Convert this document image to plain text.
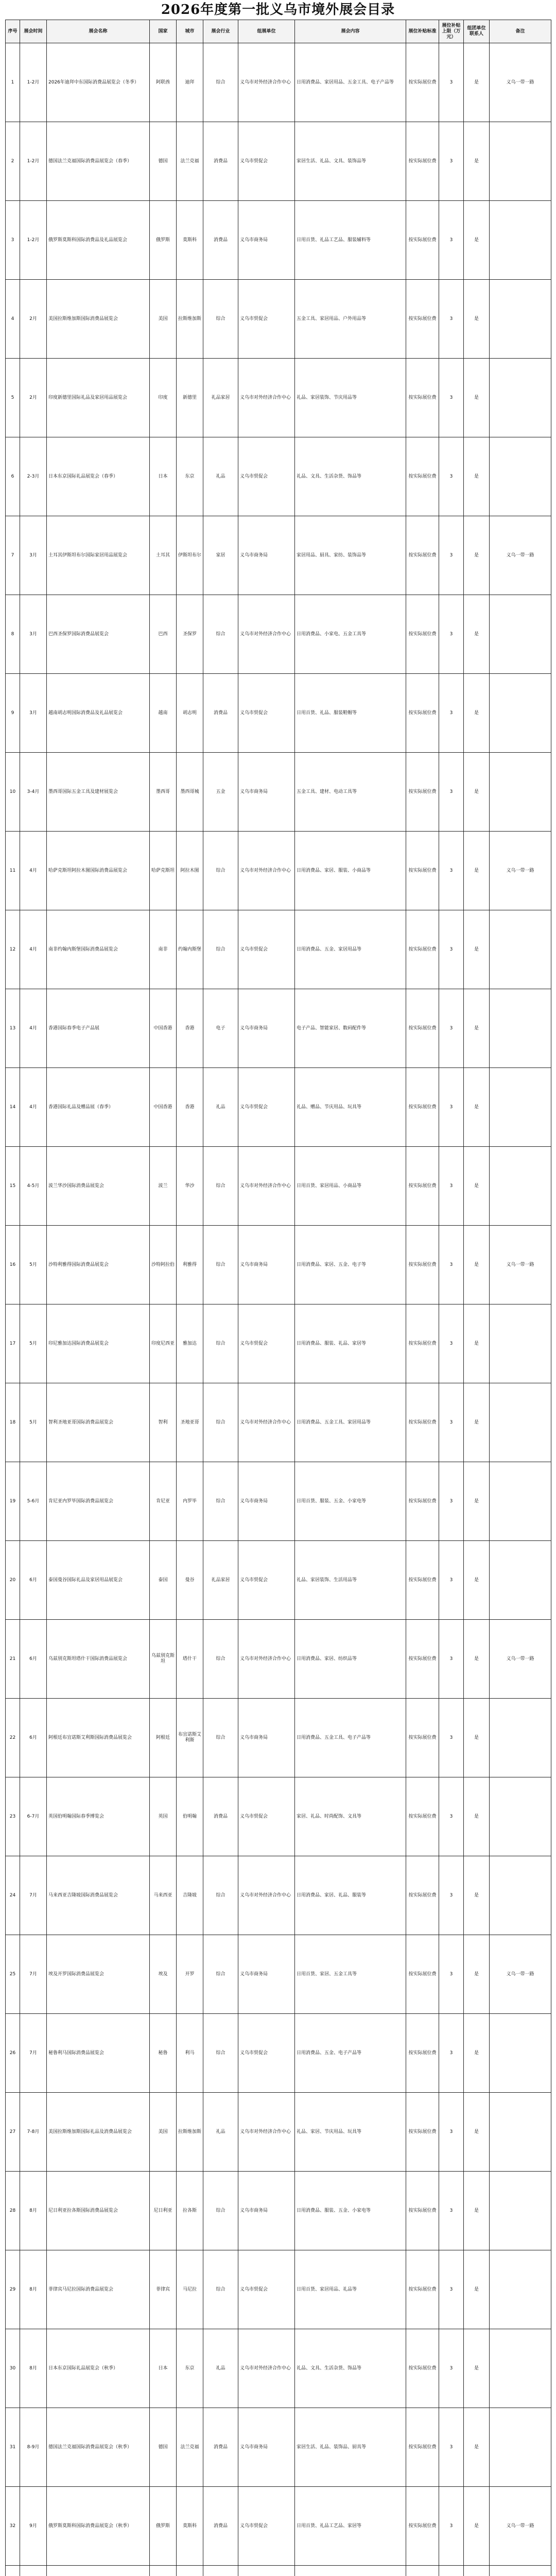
2026年度第一批义乌市境外展会目录
序号	展会时间	展会名称	国家	城市	展会行业	组展单位	展会内容	展位补贴标准	展位补贴上限（万元）	组团单位联系人	备注
1	1-2月	2026年迪拜中东国际消费品展览会（冬季）	阿联酋	迪拜	综合	义乌市对外经济合作中心	日用消费品、家居用品、五金工具、电子产品等	按实际展位费	3	是	义乌一带一路
2	1-2月	德国法兰克福国际消费品展览会（春季）	德国	法兰克福	消费品	义乌市贸促会	家居生活、礼品、文具、装饰品等	按实际展位费	3	是	
3	1-2月	俄罗斯莫斯科国际消费品及礼品展览会	俄罗斯	莫斯科	消费品	义乌市商务局	日用百货、礼品工艺品、服装辅料等	按实际展位费	3	是	
4	2月	美国拉斯维加斯国际消费品展览会	美国	拉斯维加斯	综合	义乌市贸促会	五金工具、家居用品、户外用品等	按实际展位费	3	是	
5	2月	印度新德里国际礼品及家居用品展览会	印度	新德里	礼品家居	义乌市对外经济合作中心	礼品、家居装饰、节庆用品等	按实际展位费	3	是	
6	2-3月	日本东京国际礼品展览会（春季）	日本	东京	礼品	义乌市贸促会	礼品、文具、生活杂货、饰品等	按实际展位费	3	是	
7	3月	土耳其伊斯坦布尔国际家居用品展览会	土耳其	伊斯坦布尔	家居	义乌市商务局	家居用品、厨具、家纺、装饰品等	按实际展位费	3	是	义乌一带一路
8	3月	巴西圣保罗国际消费品展览会	巴西	圣保罗	综合	义乌市对外经济合作中心	日用消费品、小家电、五金工具等	按实际展位费	3	是	
9	3月	越南胡志明国际消费品及礼品展览会	越南	胡志明	消费品	义乌市贸促会	日用百货、礼品、服装鞋帽等	按实际展位费	3	是	
10	3-4月	墨西哥国际五金工具及建材展览会	墨西哥	墨西哥城	五金	义乌市商务局	五金工具、建材、电动工具等	按实际展位费	3	是	
11	4月	哈萨克斯坦阿拉木图国际消费品展览会	哈萨克斯坦	阿拉木图	综合	义乌市对外经济合作中心	日用消费品、家居、服装、小商品等	按实际展位费	3	是	义乌一带一路
12	4月	南非约翰内斯堡国际消费品展览会	南非	约翰内斯堡	综合	义乌市贸促会	日用消费品、五金、家居用品等	按实际展位费	3	是	
13	4月	香港国际春季电子产品展	中国香港	香港	电子	义乌市商务局	电子产品、智能家居、数码配件等	按实际展位费	3	是	
14	4月	香港国际礼品及赠品展（春季）	中国香港	香港	礼品	义乌市贸促会	礼品、赠品、节庆用品、玩具等	按实际展位费	3	是	
15	4-5月	波兰华沙国际消费品展览会	波兰	华沙	综合	义乌市对外经济合作中心	日用百货、家居用品、小商品等	按实际展位费	3	是	
16	5月	沙特利雅得国际消费品展览会	沙特阿拉伯	利雅得	综合	义乌市商务局	日用消费品、家居、五金、电子等	按实际展位费	3	是	义乌一带一路
17	5月	印尼雅加达国际消费品展览会	印度尼西亚	雅加达	综合	义乌市贸促会	日用消费品、服装、礼品、家居等	按实际展位费	3	是	
18	5月	智利圣地亚哥国际消费品展览会	智利	圣地亚哥	综合	义乌市对外经济合作中心	日用消费品、五金工具、家居用品等	按实际展位费	3	是	
19	5-6月	肯尼亚内罗毕国际消费品展览会	肯尼亚	内罗毕	综合	义乌市商务局	日用百货、服装、五金、小家电等	按实际展位费	3	是	
20	6月	泰国曼谷国际礼品及家居用品展览会	泰国	曼谷	礼品家居	义乌市贸促会	礼品、家居装饰、生活用品等	按实际展位费	3	是	
21	6月	乌兹别克斯坦塔什干国际消费品展览会	乌兹别克斯坦	塔什干	综合	义乌市对外经济合作中心	日用消费品、家居、纺织品等	按实际展位费	3	是	义乌一带一路
22	6月	阿根廷布宜诺斯艾利斯国际消费品展览会	阿根廷	布宜诺斯艾利斯	综合	义乌市商务局	日用消费品、五金工具、电子产品等	按实际展位费	3	是	
23	6-7月	英国伯明翰国际春季博览会	英国	伯明翰	消费品	义乌市贸促会	家居、礼品、时尚配饰、文具等	按实际展位费	3	是	
24	7月	马来西亚吉隆坡国际消费品展览会	马来西亚	吉隆坡	综合	义乌市对外经济合作中心	日用消费品、家居、礼品、服装等	按实际展位费	3	是	
25	7月	埃及开罗国际消费品展览会	埃及	开罗	综合	义乌市商务局	日用百货、家居、五金工具等	按实际展位费	3	是	义乌一带一路
26	7月	秘鲁利马国际消费品展览会	秘鲁	利马	综合	义乌市贸促会	日用消费品、五金、电子产品等	按实际展位费	3	是	
27	7-8月	美国拉斯维加斯国际礼品及消费品展览会	美国	拉斯维加斯	礼品	义乌市对外经济合作中心	礼品、家居、节庆用品、玩具等	按实际展位费	3	是	
28	8月	尼日利亚拉各斯国际消费品展览会	尼日利亚	拉各斯	综合	义乌市商务局	日用消费品、服装、五金、小家电等	按实际展位费	3	是	
29	8月	菲律宾马尼拉国际消费品展览会	菲律宾	马尼拉	综合	义乌市贸促会	日用百货、家居用品、礼品等	按实际展位费	3	是	
30	8月	日本东京国际礼品展览会（秋季）	日本	东京	礼品	义乌市对外经济合作中心	礼品、文具、生活杂货、饰品等	按实际展位费	3	是	
31	8-9月	德国法兰克福国际消费品展览会（秋季）	德国	法兰克福	消费品	义乌市商务局	家居生活、礼品、装饰品、厨具等	按实际展位费	3	是	
32	9月	俄罗斯莫斯科国际消费品展览会（秋季）	俄罗斯	莫斯科	消费品	义乌市贸促会	日用百货、礼品工艺品、家居等	按实际展位费	3	是	义乌一带一路
